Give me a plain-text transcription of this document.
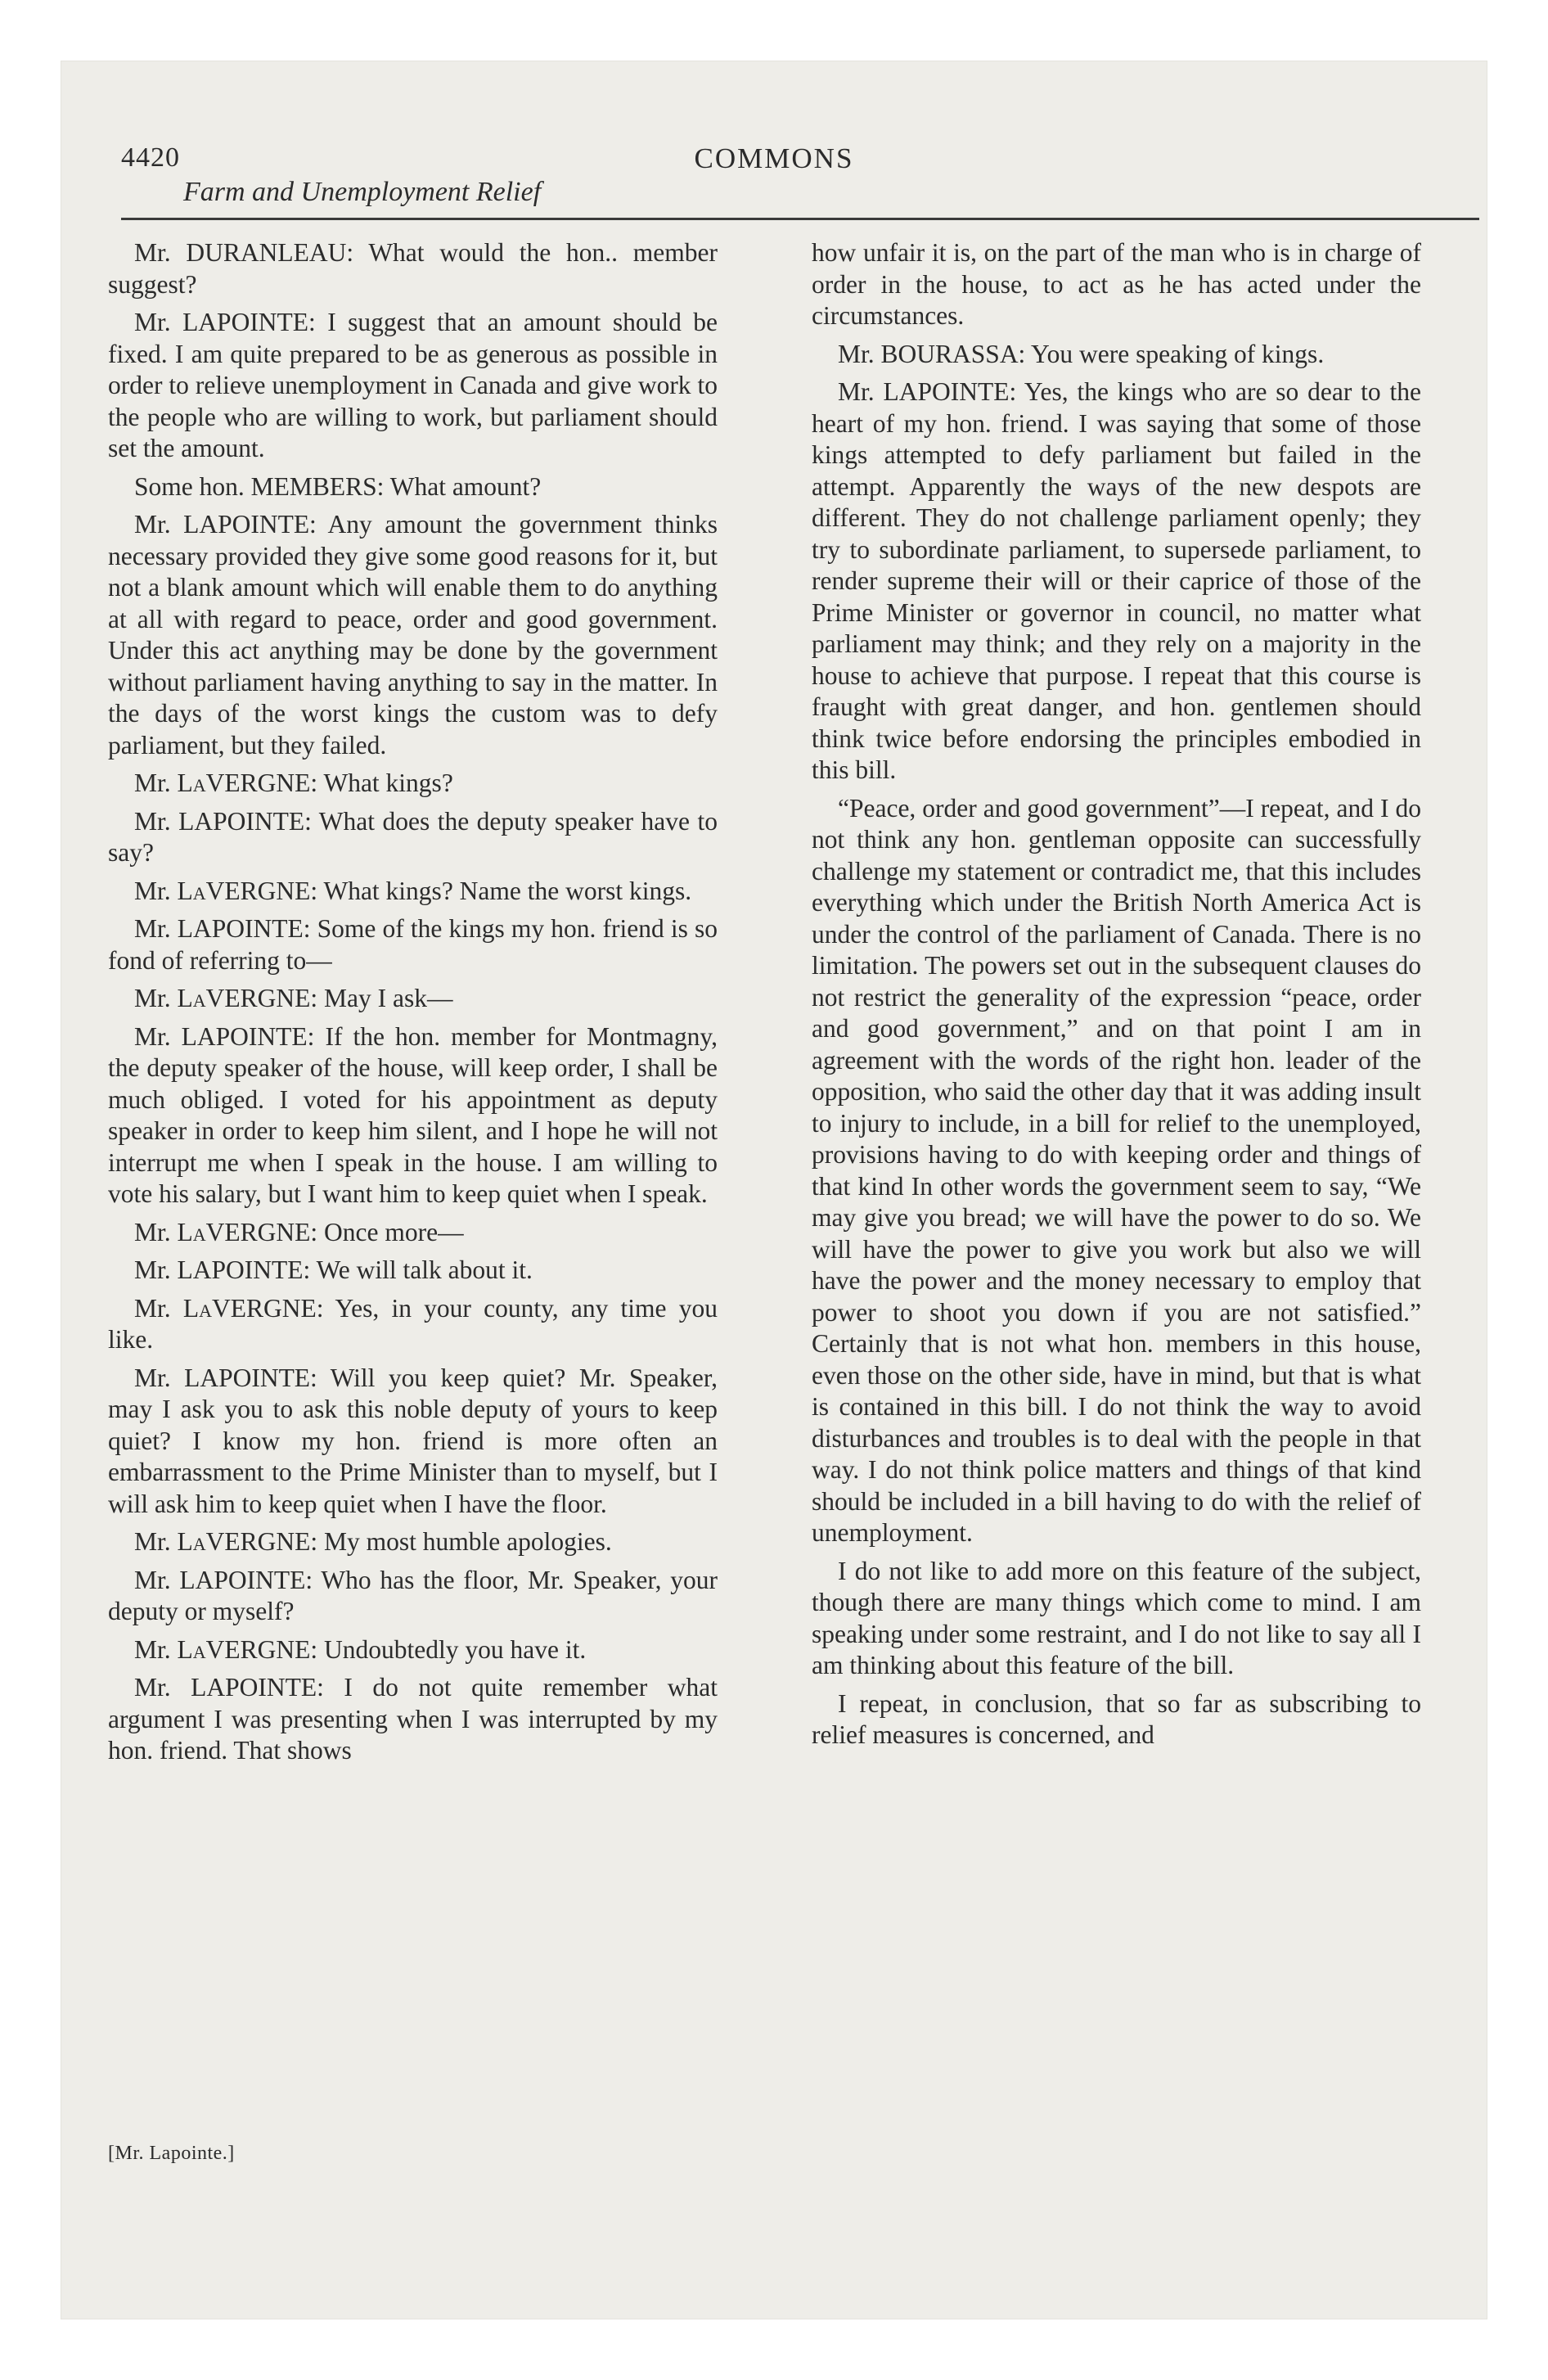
4420	COMMONS
Farm and Unemployment Relief

Mr. DURANLEAU: What would the hon.. member suggest?

Mr. LAPOINTE: I suggest that an amount should be fixed. I am quite prepared to be as generous as possible in order to relieve unemployment in Canada and give work to the people who are willing to work, but parliament should set the amount.

Some hon. MEMBERS: What amount?

Mr. LAPOINTE: Any amount the government thinks necessary provided they give some good reasons for it, but not a blank amount which will enable them to do anything at all with regard to peace, order and good government. Under this act anything may be done by the government without parliament having anything to say in the matter. In the days of the worst kings the custom was to defy parliament, but they failed.

Mr. LaVERGNE: What kings?

Mr. LAPOINTE: What does the deputy speaker have to say?

Mr. LaVERGNE: What kings? Name the worst kings.

Mr. LAPOINTE: Some of the kings my hon. friend is so fond of referring to—

Mr. LaVERGNE: May I ask—

Mr. LAPOINTE: If the hon. member for Montmagny, the deputy speaker of the house, will keep order, I shall be much obliged. I voted for his appointment as deputy speaker in order to keep him silent, and I hope he will not interrupt me when I speak in the house. I am willing to vote his salary, but I want him to keep quiet when I speak.

Mr. LaVERGNE: Once more—

Mr. LAPOINTE: We will talk about it.

Mr. LaVERGNE: Yes, in your county, any time you like.

Mr. LAPOINTE: Will you keep quiet? Mr. Speaker, may I ask you to ask this noble deputy of yours to keep quiet? I know my hon. friend is more often an embarrassment to the Prime Minister than to myself, but I will ask him to keep quiet when I have the floor.

Mr. LaVERGNE: My most humble apologies.

Mr. LAPOINTE: Who has the floor, Mr. Speaker, your deputy or myself?

Mr. LaVERGNE: Undoubtedly you have it.

Mr. LAPOINTE: I do not quite remember what argument I was presenting when I was interrupted by my hon. friend. That shows

how unfair it is, on the part of the man who is in charge of order in the house, to act as he has acted under the circumstances.

Mr. BOURASSA: You were speaking of kings.

Mr. LAPOINTE: Yes, the kings who are so dear to the heart of my hon. friend. I was saying that some of those kings attempted to defy parliament but failed in the attempt. Apparently the ways of the new despots are different. They do not challenge parliament openly; they try to subordinate parliament, to supersede parliament, to render supreme their will or their caprice of those of the Prime Minister or governor in council, no matter what parliament may think; and they rely on a majority in the house to achieve that purpose. I repeat that this course is fraught with great danger, and hon. gentlemen should think twice before endorsing the principles embodied in this bill.

“Peace, order and good government”—I repeat, and I do not think any hon. gentleman opposite can successfully challenge my statement or contradict me, that this includes everything which under the British North America Act is under the control of the parliament of Canada. There is no limitation. The powers set out in the subsequent clauses do not restrict the generality of the expression “peace, order and good government,” and on that point I am in agreement with the words of the right hon. leader of the opposition, who said the other day that it was adding insult to injury to include, in a bill for relief to the unemployed, provisions having to do with keeping order and things of that kind In other words the government seem to say, “We may give you bread; we will have the power to do so. We will have the power to give you work but also we will have the power and the money necessary to employ that power to shoot you down if you are not satisfied.” Certainly that is not what hon. members in this house, even those on the other side, have in mind, but that is what is contained in this bill. I do not think the way to avoid disturbances and troubles is to deal with the people in that way. I do not think police matters and things of that kind should be included in a bill having to do with the relief of unemployment.

I do not like to add more on this feature of the subject, though there are many things which come to mind. I am speaking under some restraint, and I do not like to say all I am thinking about this feature of the bill.

I repeat, in conclusion, that so far as subscribing to relief measures is concerned, and

[Mr. Lapointe.]
